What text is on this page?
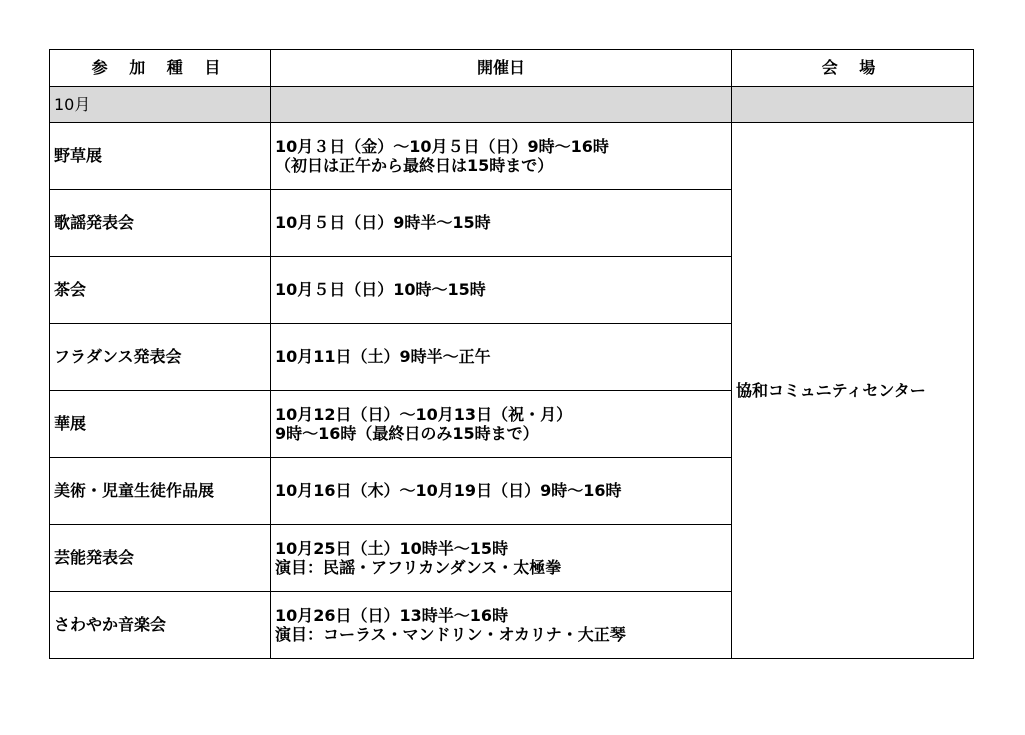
参 加 種 目	開催日	会 場
10月		
野草展	10月３日（金）～10月５日（日）9時～16時
（初日は正午から最終日は15時まで）	協和コミュニティセンター
歌謡発表会	10月５日（日）9時半～15時	

茶会	10月５日（日）10時～15時	

フラダンス発表会	10月11日（土）9時半～正午	

華展	10月12日（日）～10月13日（祝・月）
9時～16時（最終日のみ15時まで）	

美術・児童生徒作品展	10月16日（木）～10月19日（日）9時～16時	

芸能発表会	10月25日（土）10時半～15時
演目：民謡・アフリカンダンス・太極拳	

さわやか音楽会	10月26日（日）13時半～16時
演目：コーラス・マンドリン・オカリナ・大正琴	
